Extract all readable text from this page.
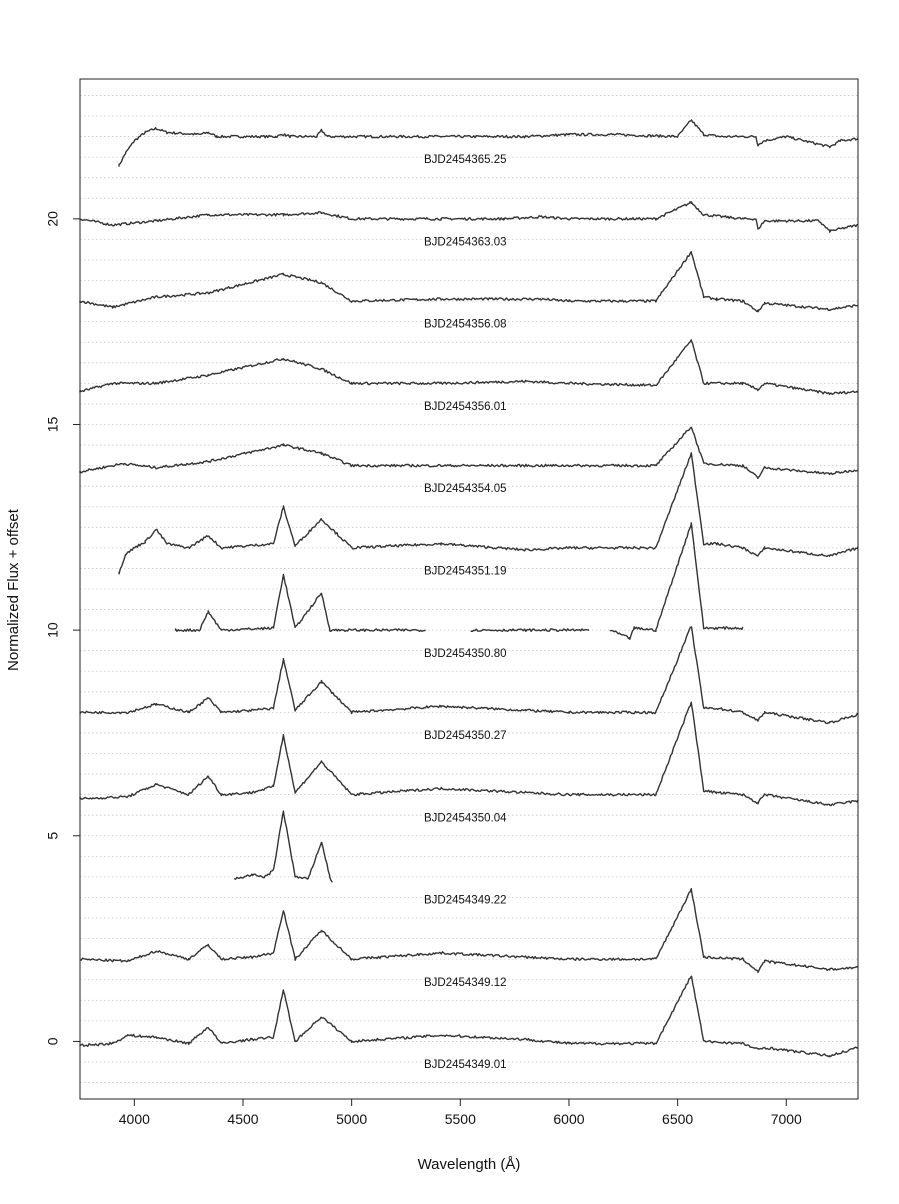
BJD2454365.25
BJD2454363.03
BJD2454356.08
BJD2454356.01
BJD2454354.05
BJD2454351.19
BJD2454350.80
BJD2454350.27
BJD2454350.04
BJD2454349.22
BJD2454349.12
BJD2454349.01
4000	4500	5000	5500	6000	6500	7000
0
5
10
15
20
Wavelength (Å)
Normalized Flux + offset
